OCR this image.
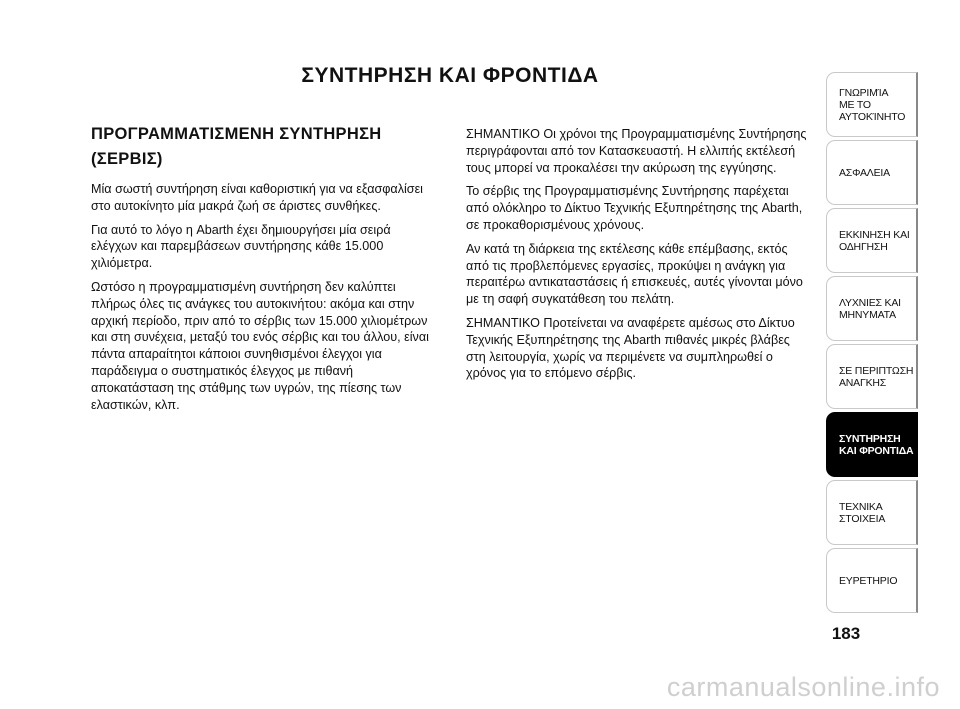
ΣΥΝΤΗΡΗΣΗ ΚΑΙ ΦΡΟΝΤΙΔΑ
ΠΡΟΓΡΑΜΜΑΤΙΣΜΕΝΗ ΣΥΝΤΗΡΗΣΗ (ΣΕΡΒΙΣ)

Μία σωστή συντήρηση είναι καθοριστική για να εξασφαλίσει στο αυτοκίνητο μία μακρά ζωή σε άριστες συνθήκες.

Για αυτό το λόγο η Abarth έχει δημιουργήσει μία σειρά ελέγχων και παρεμβάσεων συντήρησης κάθε 15.000 χιλιόμετρα.

Ωστόσο η προγραμματισμένη συντήρηση δεν καλύπτει πλήρως όλες τις ανάγκες του αυτοκινήτου: ακόμα και στην αρχική περίοδο, πριν από το σέρβις των 15.000 χιλιομέτρων και στη συνέχεια, μεταξύ του ενός σέρβις και του άλλου, είναι πάντα απαραίτητοι κάποιοι συνηθισμένοι έλεγχοι για παράδειγμα ο συστηματικός έλεγχος με πιθανή αποκατάσταση της στάθμης των υγρών, της πίεσης των ελαστικών, κλπ.

ΣΗΜΑΝΤΙΚΟ Οι χρόνοι της Προγραμματισμένης Συντήρησης περιγράφονται από τον Κατασκευαστή. Η ελλιπής εκτέλεσή τους μπορεί να προκαλέσει την ακύρωση της εγγύησης.

Το σέρβις της Προγραμματισμένης Συντήρησης παρέχεται από ολόκληρο το Δίκτυο Τεχνικής Εξυπηρέτησης της Abarth, σε προκαθορισμένους χρόνους.

Αν κατά τη διάρκεια της εκτέλεσης κάθε επέμβασης, εκτός από τις προβλεπόμενες εργασίες, προκύψει η ανάγκη για περαιτέρω αντικαταστάσεις ή επισκευές, αυτές γίνονται μόνο με τη σαφή συγκατάθεση του πελάτη.

ΣΗΜΑΝΤΙΚΟ Προτείνεται να αναφέρετε αμέσως στο Δίκτυο Τεχνικής Εξυπηρέτησης της Abarth πιθανές μικρές βλάβες στη λειτουργία, χωρίς να περιμένετε να συμπληρωθεί ο χρόνος για το επόμενο σέρβις.

ΓΝΩΡΙΜΊΑ
ΜΕ ΤΟ
ΑΥΤΟΚΊΝΗΤΟ
ΑΣΦΑΛΕΙΑ
ΕΚΚΙΝΗΣΗ ΚΑΙ
ΟΔΗΓΗΣΗ
ΛΥΧΝΙΕΣ ΚΑΙ
ΜΗΝΥΜΑΤΑ
ΣΕ ΠΕΡΙΠΤΩΣΗ
ΑΝΑΓΚΗΣ
ΣΥΝΤΗΡΗΣΗ
ΚΑΙ ΦΡΟΝΤΙΔΑ
ΤΕΧΝΙΚΑ
ΣΤΟΙΧΕΙΑ
ΕΥΡΕΤΗΡΙΟ
183
carmanualsonline.info
